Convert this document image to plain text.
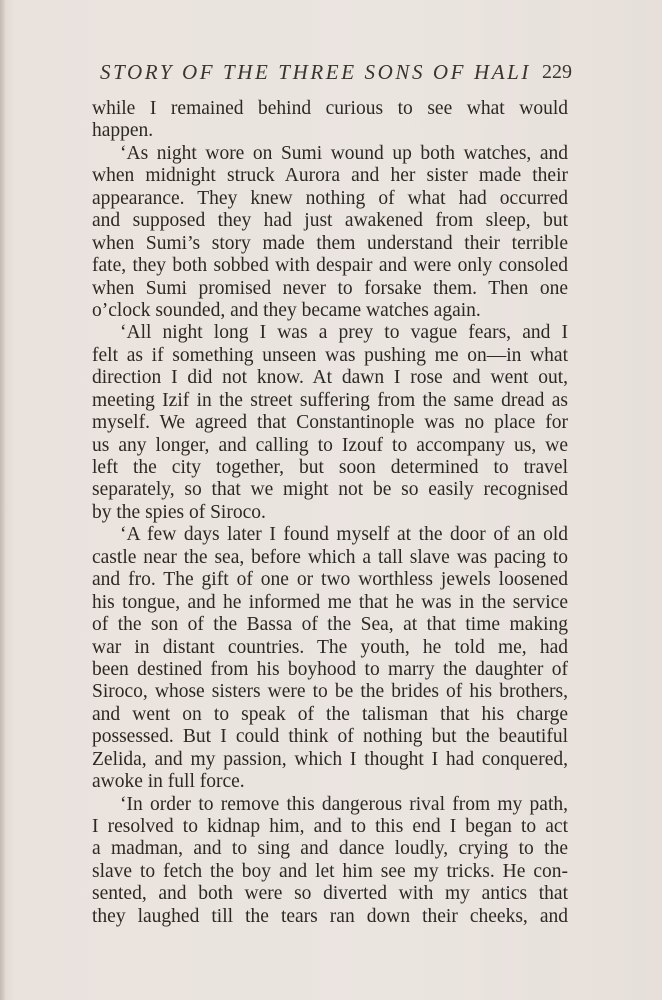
STORY OF THE THREE SONS OF HALI 229
while I remained behind curious to see what would
happen.
‘As night wore on Sumi wound up both watches, and
when midnight struck Aurora and her sister made their
appearance. They knew nothing of what had occurred
and supposed they had just awakened from sleep, but
when Sumi’s story made them understand their terrible
fate, they both sobbed with despair and were only consoled
when Sumi promised never to forsake them. Then one
o’clock sounded, and they became watches again.
‘All night long I was a prey to vague fears, and I
felt as if something unseen was pushing me on—in what
direction I did not know. At dawn I rose and went out,
meeting Izif in the street suffering from the same dread as
myself. We agreed that Constantinople was no place for
us any longer, and calling to Izouf to accompany us, we
left the city together, but soon determined to travel
separately, so that we might not be so easily recognised
by the spies of Siroco.
‘A few days later I found myself at the door of an old
castle near the sea, before which a tall slave was pacing to
and fro. The gift of one or two worthless jewels loosened
his tongue, and he informed me that he was in the service
of the son of the Bassa of the Sea, at that time making
war in distant countries. The youth, he told me, had
been destined from his boyhood to marry the daughter of
Siroco, whose sisters were to be the brides of his brothers,
and went on to speak of the talisman that his charge
possessed. But I could think of nothing but the beautiful
Zelida, and my passion, which I thought I had conquered,
awoke in full force.
‘In order to remove this dangerous rival from my path,
I resolved to kidnap him, and to this end I began to act
a madman, and to sing and dance loudly, crying to the
slave to fetch the boy and let him see my tricks. He con-
sented, and both were so diverted with my antics that
they laughed till the tears ran down their cheeks, and
